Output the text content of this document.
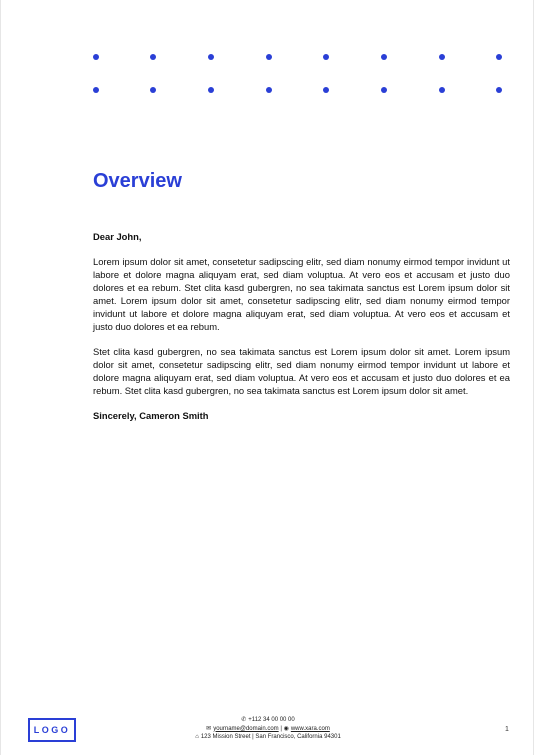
Overview

Dear John,

Lorem ipsum dolor sit amet, consetetur sadipscing elitr, sed diam nonumy eirmod tempor invidunt ut labore et dolore magna aliquyam erat, sed diam voluptua. At vero eos et accusam et justo duo dolores et ea rebum. Stet clita kasd gubergren, no sea takimata sanctus est Lorem ipsum dolor sit amet. Lorem ipsum dolor sit amet, consetetur sadipscing elitr, sed diam nonumy eirmod tempor invidunt ut labore et dolore magna aliquyam erat, sed diam voluptua. At vero eos et accusam et justo duo dolores et ea rebum.

Stet clita kasd gubergren, no sea takimata sanctus est Lorem ipsum dolor sit amet. Lorem ipsum dolor sit amet, consetetur sadipscing elitr, sed diam nonumy eirmod tempor invidunt ut labore et dolore magna aliquyam erat, sed diam voluptua. At vero eos et accusam et justo duo dolores et ea rebum. Stet clita kasd gubergren, no sea takimata sanctus est Lorem ipsum dolor sit amet.

Sincerely, Cameron Smith

LOGO
✆ +112 34 00 00 00
✉ yourname@domain.com | ◉ www.xara.com
⌂ 123 Mission Street | San Francisco, California 94301
1
